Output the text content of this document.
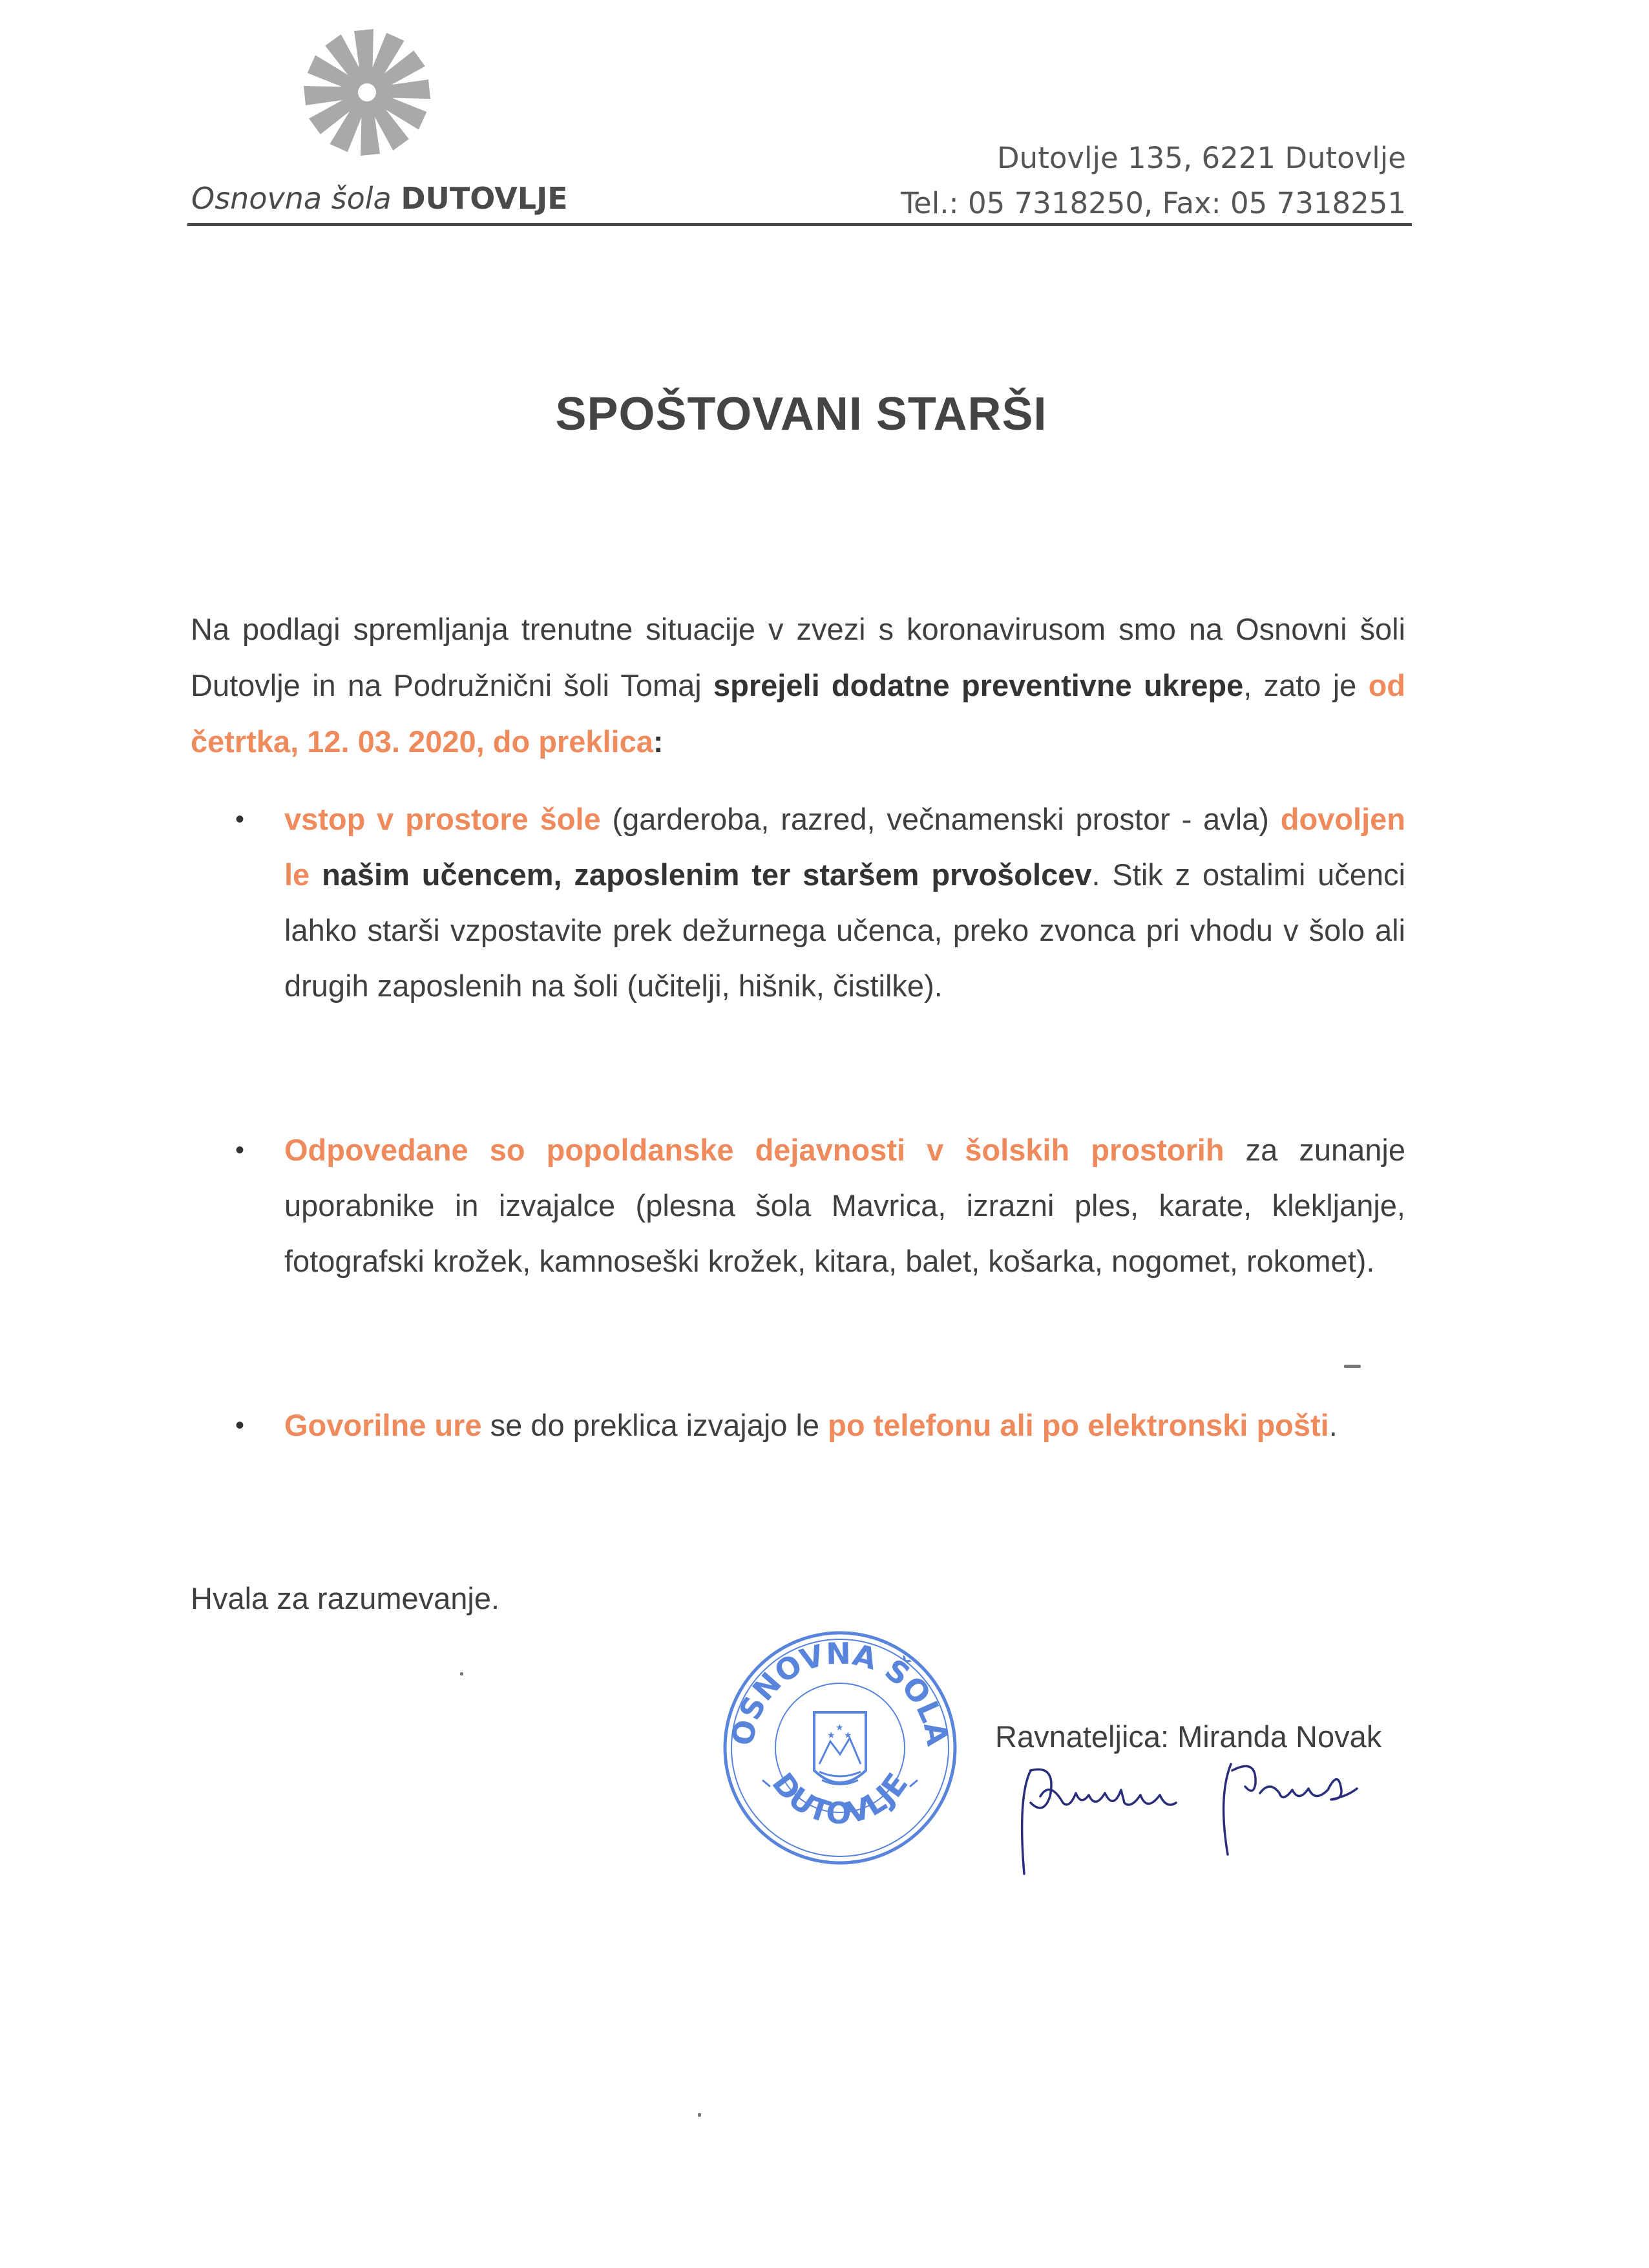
Osnovna šola DUTOVLJE
Dutovlje 135, 6221 Dutovlje
Tel.: 05 7318250, Fax: 05 7318251
SPOŠTOVANI STARŠI
Na podlagi spremljanja trenutne situacije v zvezi s koronavirusom smo na Osnovni šoli Dutovlje in na Podružnični šoli Tomaj sprejeli dodatne preventivne ukrepe, zato je od četrtka, 12. 03. 2020, do preklica:
• vstop v prostore šole (garderoba, razred, večnamenski prostor - avla) dovoljen le našim učencem, zaposlenim ter staršem prvošolcev. Stik z ostalimi učenci lahko starši vzpostavite prek dežurnega učenca, preko zvonca pri vhodu v šolo ali drugih zaposlenih na šoli (učitelji, hišnik, čistilke).
• Odpovedane so popoldanske dejavnosti v šolskih prostorih za zunanje uporabnike in izvajalce (plesna šola Mavrica, izrazni ples, karate, klekljanje, fotografski krožek, kamnoseški krožek, kitara, balet, košarka, nogomet, rokomet).
• Govorilne ure se do preklica izvajajo le po telefonu ali po elektronski pošti.
Hvala za razumevanje.
OSNOVNA ŠOLA
DUTOVLJE
★
★ ★	Ravnateljica: Miranda Novak
